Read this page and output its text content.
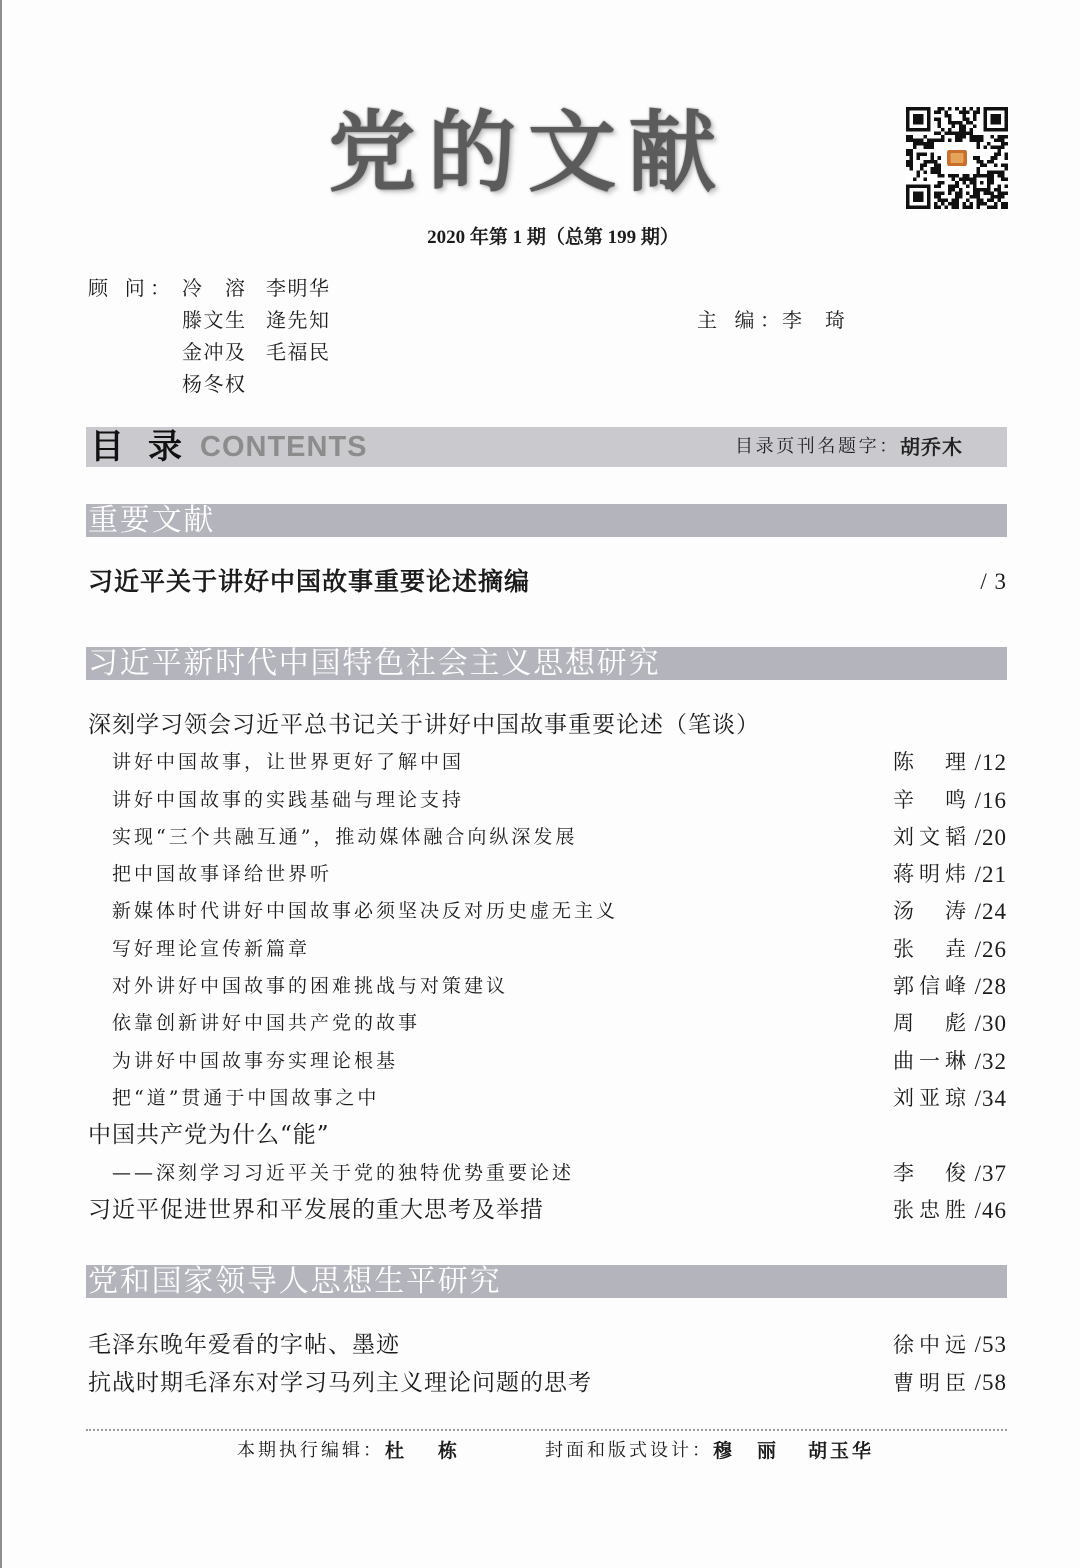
党的文献
2020 年第 1 期（总第 199 期）
顾 问： 冷 溶 李明华
滕文生 逄先知
金冲及 毛福民
杨冬权
主 编： 李 琦
目 录 CONTENTS	目录页刊名题字： 胡乔木
重要文献
习近平关于讲好中国故事重要论述摘编	/ 3
习近平新时代中国特色社会主义思想研究
深刻学习领会习近平总书记关于讲好中国故事重要论述（笔谈）
讲好中国故事，让世界更好了解中国	陈 理 /12
讲好中国故事的实践基础与理论支持	辛 鸣 /16
实现“三个共融互通”，推动媒体融合向纵深发展	刘文韬 /20
把中国故事译给世界听	蒋明炜 /21
新媒体时代讲好中国故事必须坚决反对历史虚无主义	汤 涛 /24
写好理论宣传新篇章	张 垚 /26
对外讲好中国故事的困难挑战与对策建议	郭信峰 /28
依靠创新讲好中国共产党的故事	周 彪 /30
为讲好中国故事夯实理论根基	曲一琳 /32
把“道”贯通于中国故事之中	刘亚琼 /34
中国共产党为什么“能”
——深刻学习习近平关于党的独特优势重要论述	李 俊 /37
习近平促进世界和平发展的重大思考及举措	张忠胜 /46
党和国家领导人思想生平研究
毛泽东晚年爱看的字帖、墨迹	徐中远 /53
抗战时期毛泽东对学习马列主义理论问题的思考	曹明臣 /58
本期执行编辑： 杜 栋	封面和版式设计： 穆 丽 胡玉华
